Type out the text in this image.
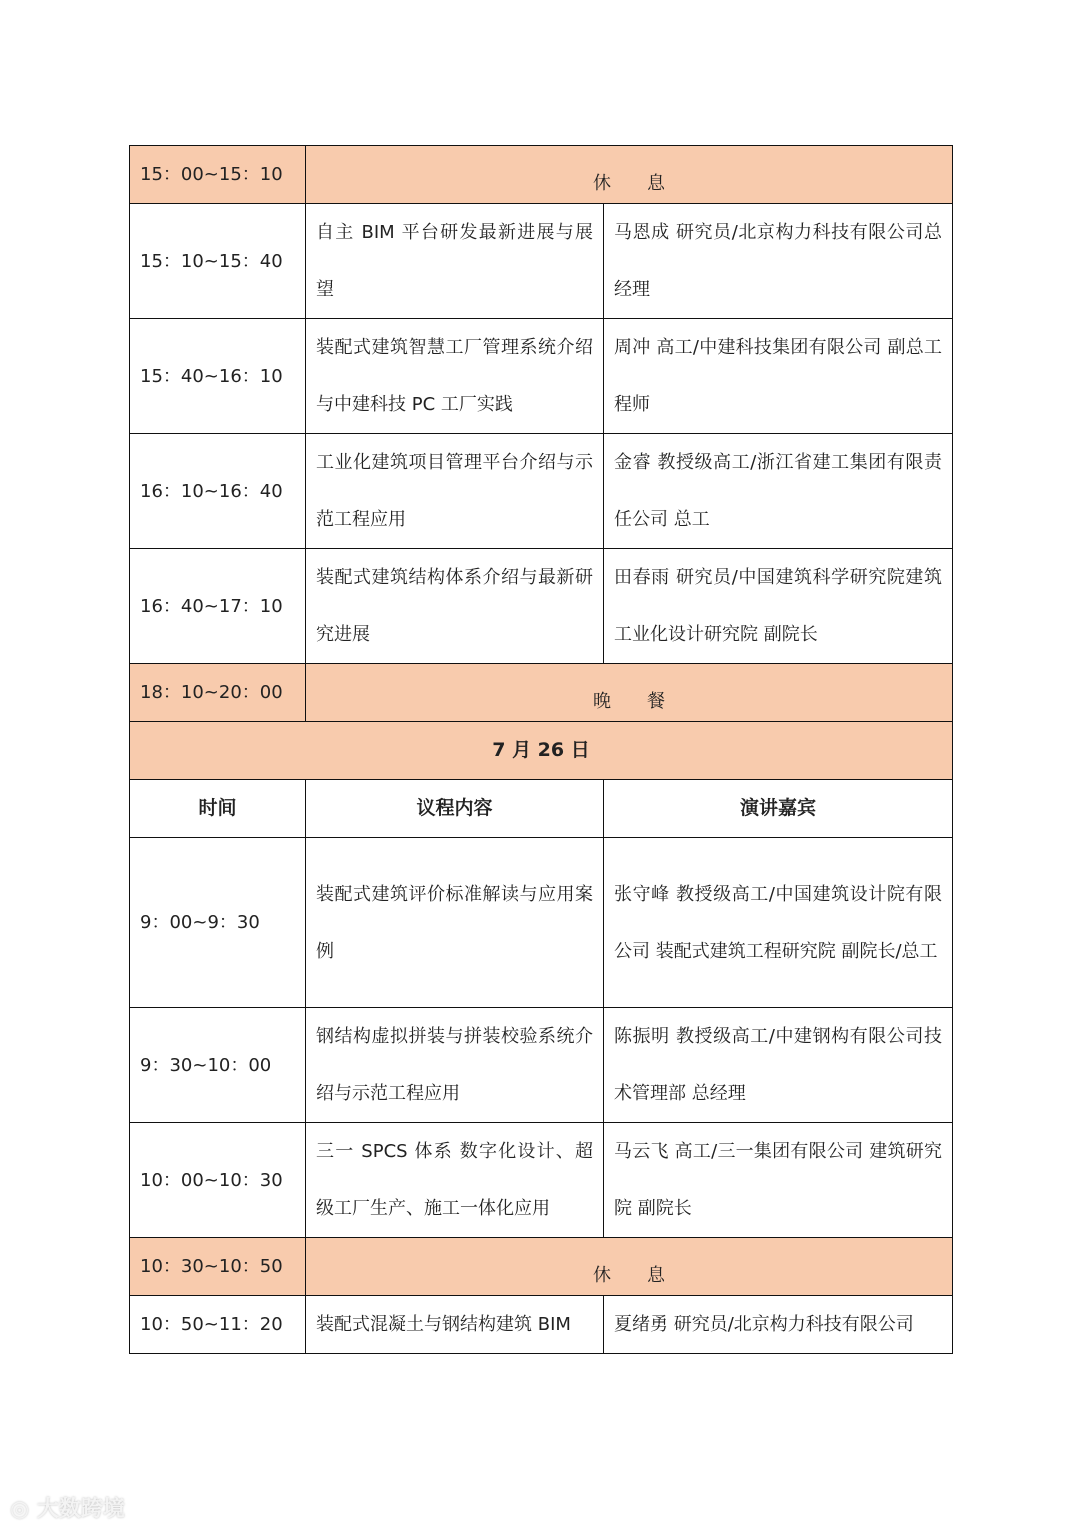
15：00~15：10	休　　息	
15：10~15：40	自主 BIM 平台研发最新进展与展望	马恩成 研究员/北京构力科技有限公司总经理
15：40~16：10	装配式建筑智慧工厂管理系统介绍与中建科技 PC 工厂实践	周冲 高工/中建科技集团有限公司 副总工程师
16：10~16：40	工业化建筑项目管理平台介绍与示范工程应用	金睿 教授级高工/浙江省建工集团有限责任公司 总工
16：40~17：10	装配式建筑结构体系介绍与最新研究进展	田春雨 研究员/中国建筑科学研究院建筑 工业化设计研究院 副院长
18：10~20：00	晚　　餐	
7 月 26 日		
时间	议程内容	演讲嘉宾
9：00~9：30	装配式建筑评价标准解读与应用案例	张守峰 教授级高工/中国建筑设计院有限公司 装配式建筑工程研究院 副院长/总工
9：30~10：00	钢结构虚拟拼装与拼装校验系统介绍与示范工程应用	陈振明 教授级高工/中建钢构有限公司技术管理部 总经理
10：00~10：30	三一 SPCS 体系 数字化设计、超级工厂生产、施工一体化应用	马云飞 高工/三一集团有限公司 建筑研究院 副院长
10：30~10：50	休　　息	
10：50~11：20	装配式混凝土与钢结构建筑 BIM	夏绪勇 研究员/北京构力科技有限公司
◎ 大数跨境
